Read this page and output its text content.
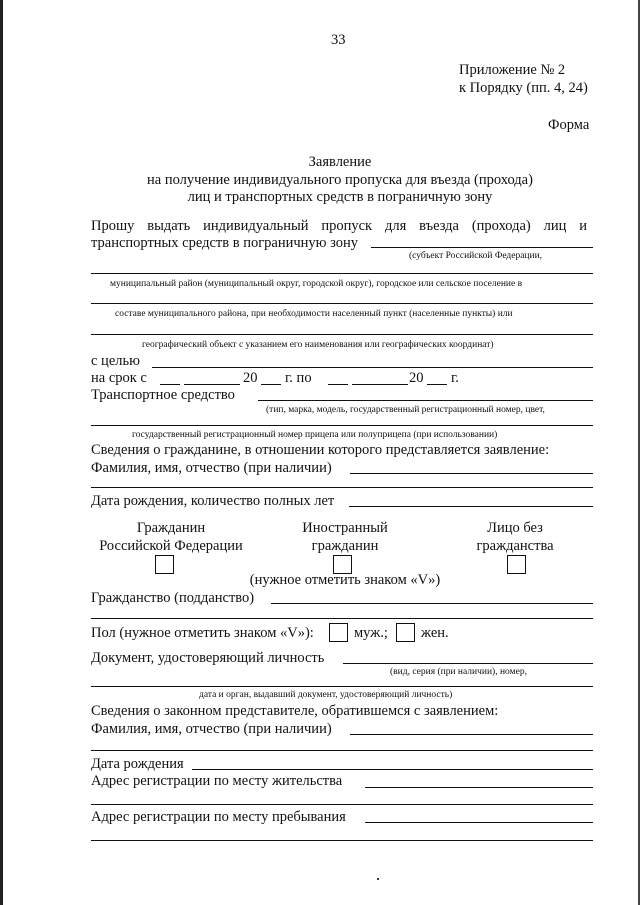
33
Приложение № 2
к Порядку (пп. 4, 24)
Форма
Заявление
на получение индивидуального пропуска для въезда (прохода)
лиц и транспортных средств в пограничную зону
Прошу выдать индивидуальный пропуск для въезда (прохода) лиц и
транспортных средств в пограничную зону
(субъект Российской Федерации,
муниципальный район (муниципальный округ, городской округ), городское или сельское поселение в
составе муниципального района, при необходимости населенный пункт (населенные пункты) или
географический объект с указанием его наименования или географических координат)
с целью
на срок с	20 г. по	20 г.
Транспортное средство
(тип, марка, модель, государственный регистрационный номер, цвет,
государственный регистрационный номер прицепа или полуприцепа (при использовании)
Сведения о гражданине, в отношении которого представляется заявление:
Фамилия, имя, отчество (при наличии)
Дата рождения, количество полных лет
Гражданин
Российской Федерации
Иностранный
гражданин
Лицо без
гражданства
(нужное отметить знаком «V»)
Гражданство (подданство)
Пол (нужное отметить знаком «V»):	муж.; жен.
Документ, удостоверяющий личность
(вид, серия (при наличии), номер,
дата и орган, выдавший документ, удостоверяющий личность)
Сведения о законном представителе, обратившемся с заявлением:
Фамилия, имя, отчество (при наличии)
Дата рождения
Адрес регистрации по месту жительства
Адрес регистрации по месту пребывания
